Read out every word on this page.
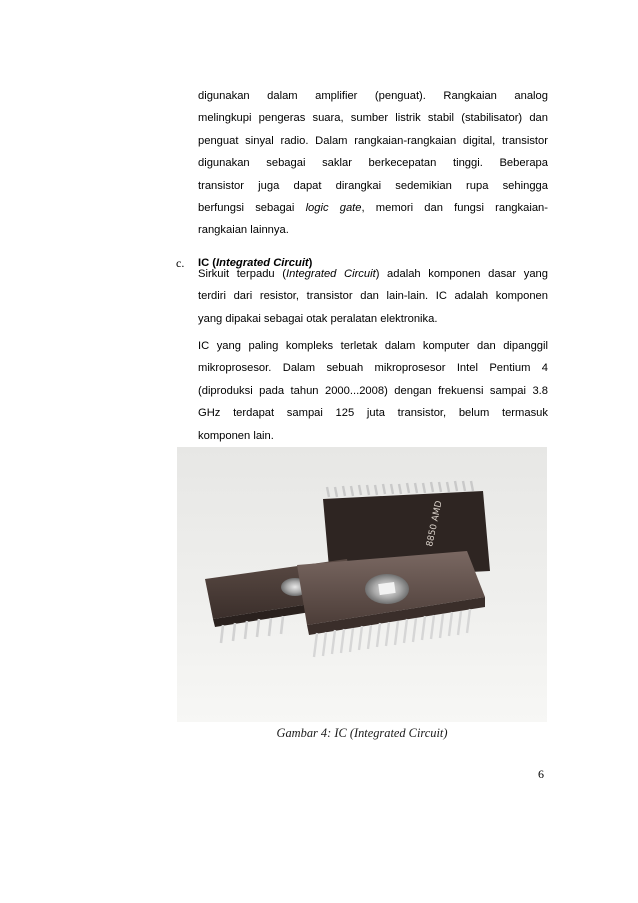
digunakan dalam amplifier (penguat). Rangkaian analog
melingkupi pengeras suara, sumber listrik stabil (stabilisator) dan
penguat sinyal radio. Dalam rangkaian-rangkaian digital, transistor
digunakan sebagai saklar berkecepatan tinggi. Beberapa
transistor juga dapat dirangkai sedemikian rupa sehingga
berfungsi sebagai logic gate, memori dan fungsi rangkaian-
rangkaian lainnya.
c. IC (Integrated Circuit)
Sirkuit terpadu (Integrated Circuit) adalah komponen dasar yang
terdiri dari resistor, transistor dan lain-lain. IC adalah komponen
yang dipakai sebagai otak peralatan elektronika.
IC yang paling kompleks terletak dalam komputer dan dipanggil
mikroprosesor. Dalam sebuah mikroprosesor Intel Pentium 4
(diproduksi pada tahun 2000...2008) dengan frekuensi sampai 3.8
GHz terdapat sampai 125 juta transistor, belum termasuk
komponen lain.
8850 AMD
Gambar 4: IC (Integrated Circuit)
6
